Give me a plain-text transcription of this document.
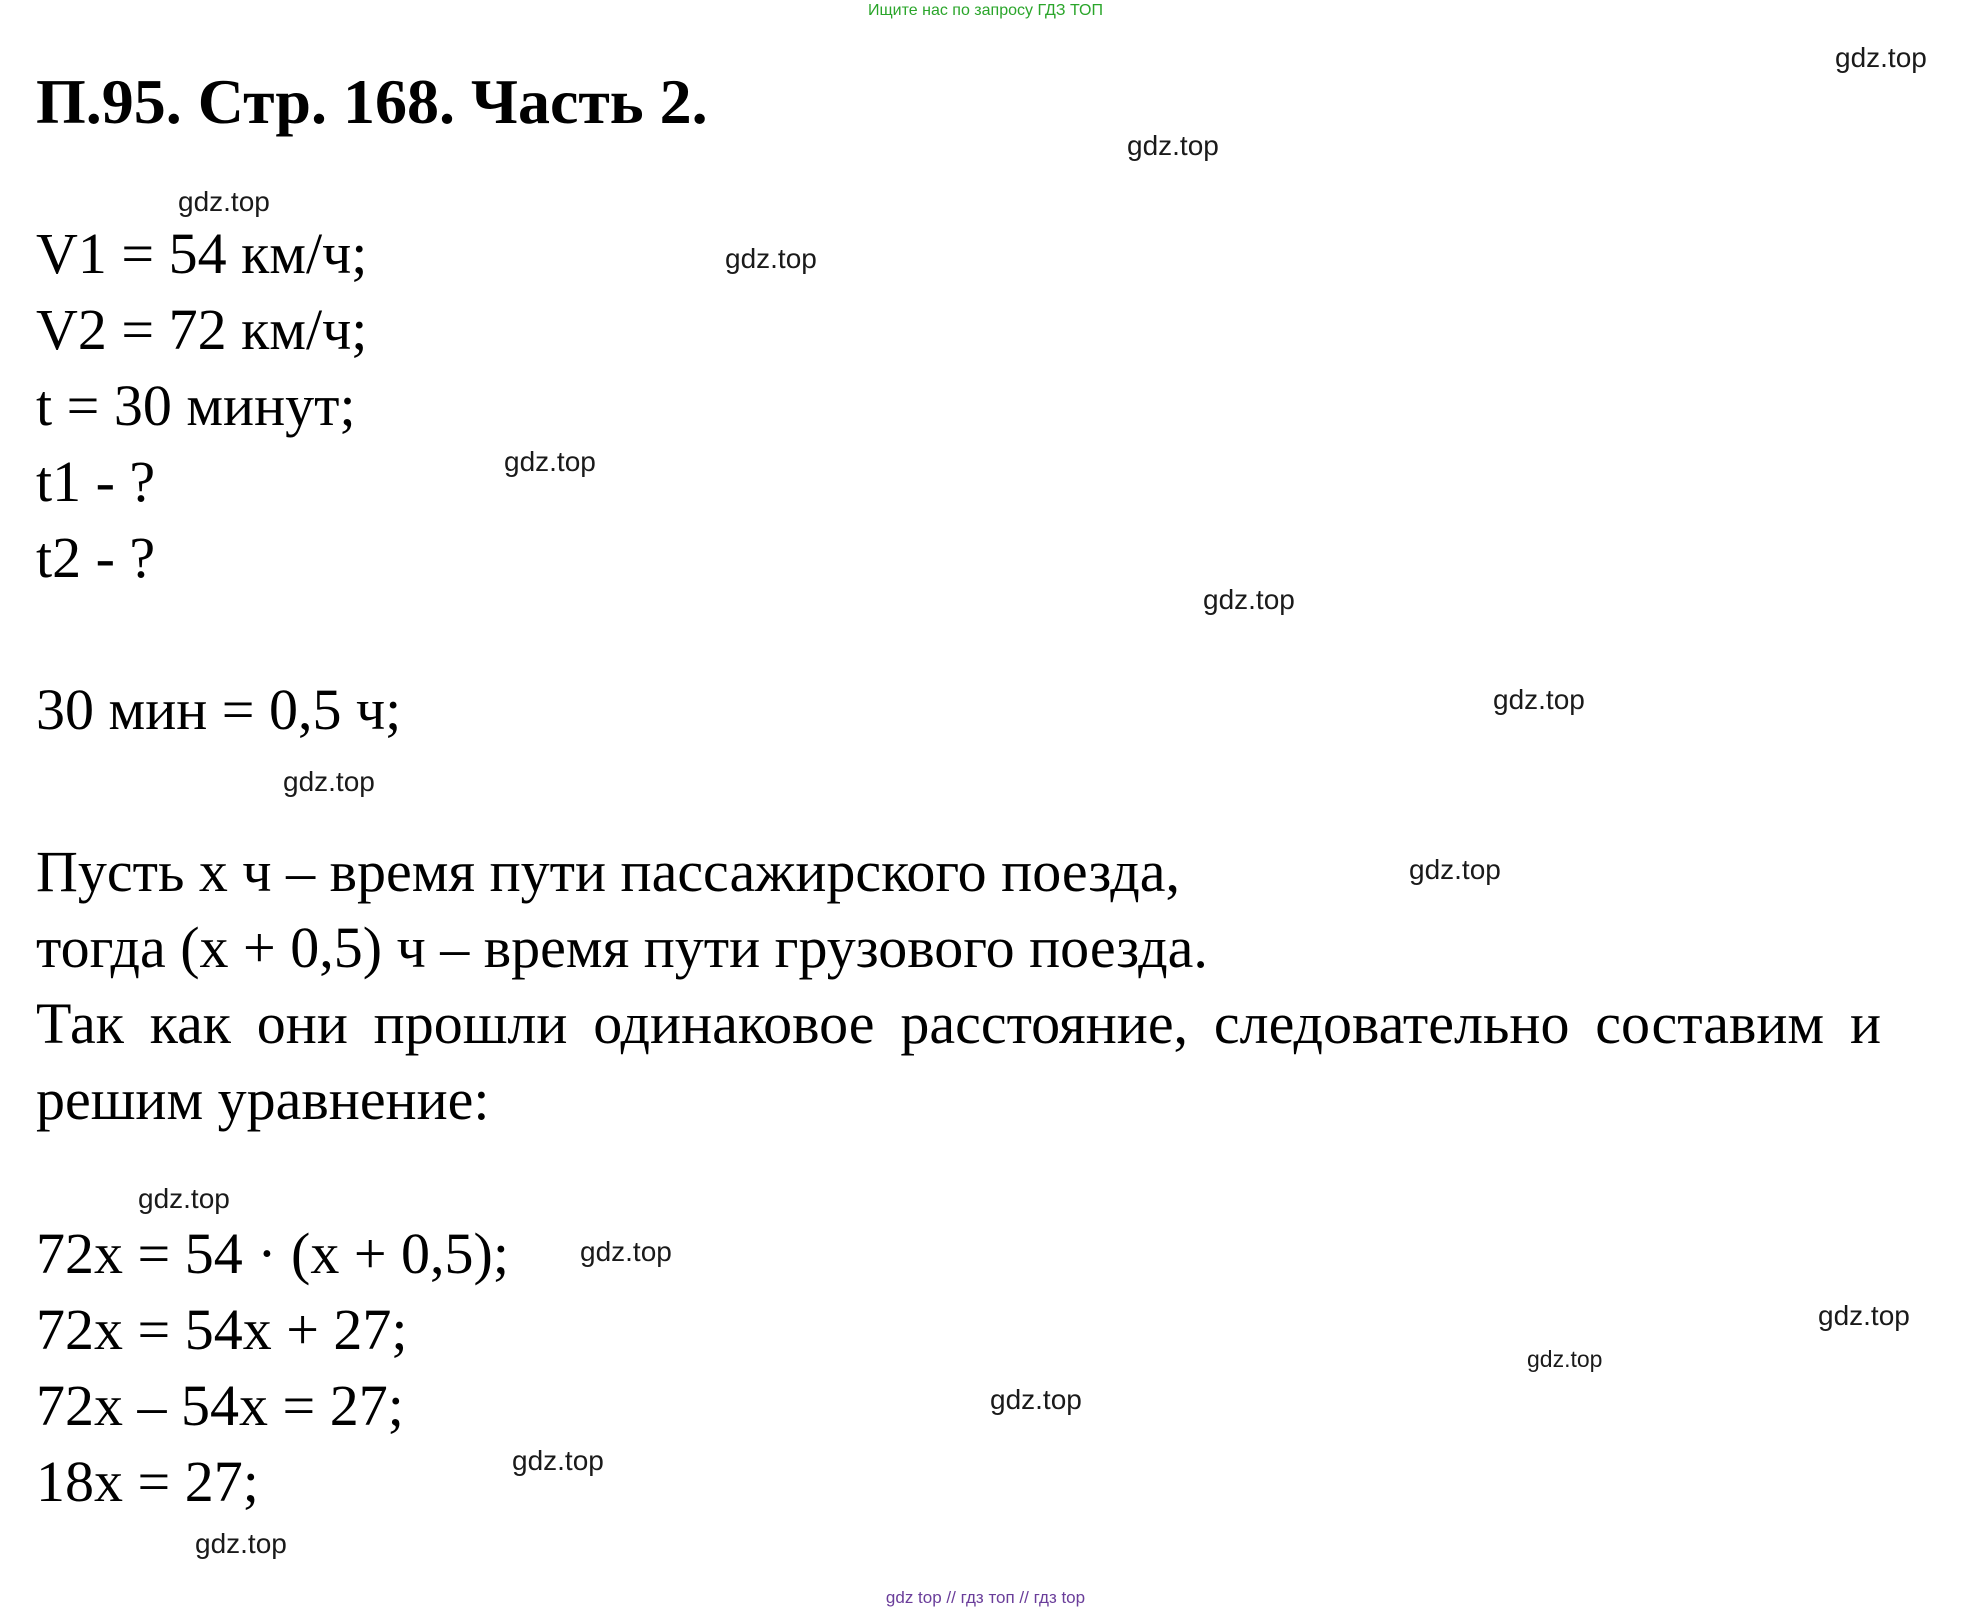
Ищите нас по запросу ГДЗ ТОП
П.95. Стр. 168. Часть 2.
V1 = 54 км/ч;
V2 = 72 км/ч;
t = 30 минут;
t1 - ?
t2 - ?
30 мин = 0,5 ч;
Пусть х ч – время пути пассажирского поезда,
тогда (х + 0,5) ч – время пути грузового поезда.
Так как они прошли одинаковое расстояние, следовательно составим и решим уравнение:
72х = 54 · (х + 0,5);
72х = 54х + 27;
72х – 54х = 27;
18х = 27;
gdz.top
gdz.top
gdz.top
gdz.top
gdz.top
gdz.top
gdz.top
gdz.top
gdz.top
gdz.top
gdz.top
gdz.top
gdz.top
gdz.top
gdz.top
gdz.top
gdz top // гдз топ // гдз top
